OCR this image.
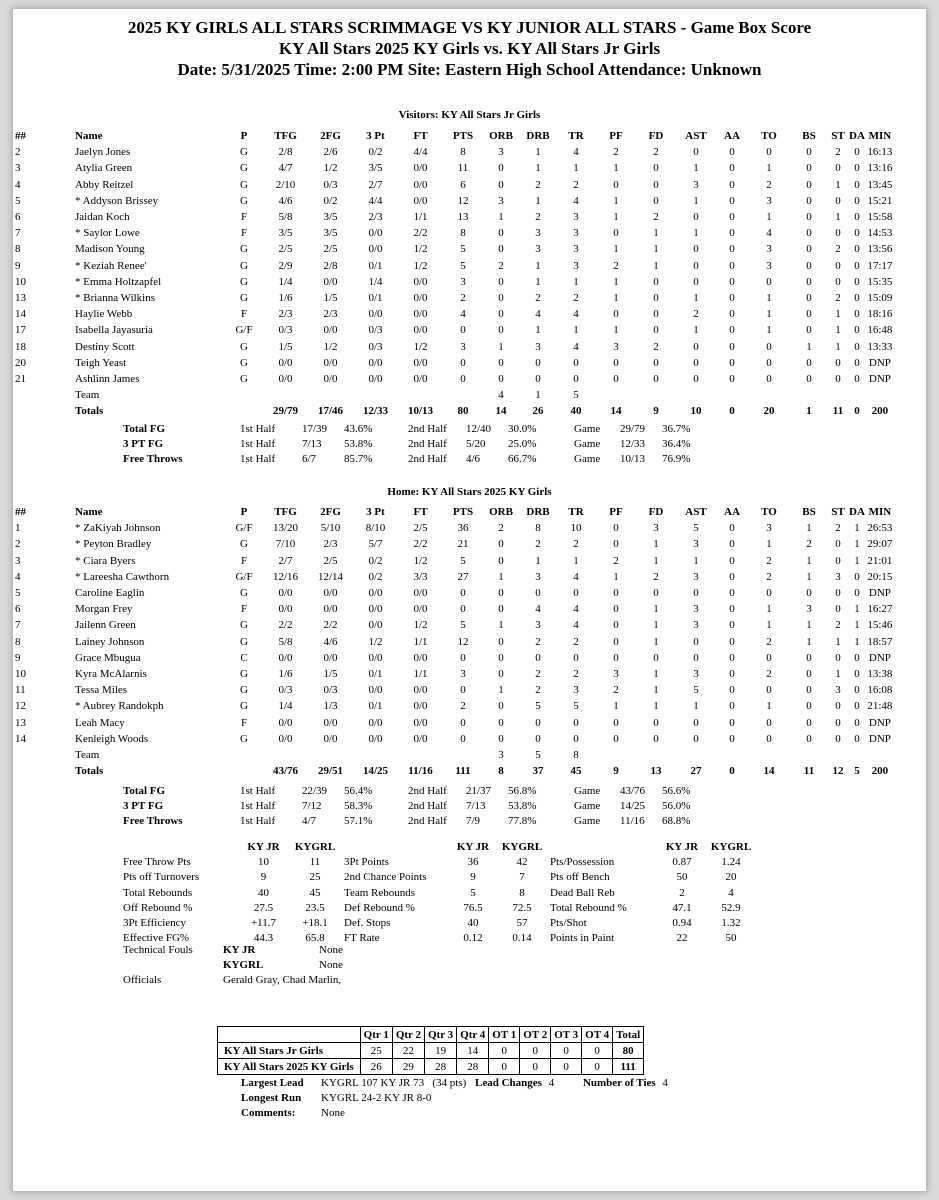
2025 KY GIRLS ALL STARS SCRIMMAGE VS KY JUNIOR ALL STARS - Game Box Score
KY All Stars 2025 KY Girls vs. KY All Stars Jr Girls
Date: 5/31/2025 Time: 2:00 PM Site: Eastern High School Attendance: Unknown
Visitors: KY All Stars Jr Girls
##	Name	P	TFG	2FG	3 Pt	FT	PTS	ORB	DRB	TR	PF	FD	AST	AA	TO	BS	ST	DA	MIN
2	Jaelyn Jones	G	2/8	2/6	0/2	4/4	8	3	1	4	2	2	0	0	0	0	2	0	16:13
3	Atylia Green	G	4/7	1/2	3/5	0/0	11	0	1	1	1	0	1	0	1	0	0	0	13:16
4	Abby Reitzel	G	2/10	0/3	2/7	0/0	6	0	2	2	0	0	3	0	2	0	1	0	13:45
5	* Addyson Brissey	G	4/6	0/2	4/4	0/0	12	3	1	4	1	0	1	0	3	0	0	0	15:21
6	Jaidan Koch	F	5/8	3/5	2/3	1/1	13	1	2	3	1	2	0	0	1	0	1	0	15:58
7	* Saylor Lowe	F	3/5	3/5	0/0	2/2	8	0	3	3	0	1	1	0	4	0	0	0	14:53
8	Madison Young	G	2/5	2/5	0/0	1/2	5	0	3	3	1	1	0	0	3	0	2	0	13:56
9	* Keziah Renee'	G	2/9	2/8	0/1	1/2	5	2	1	3	2	1	0	0	3	0	0	0	17:17
10	* Emma Holtzapfel	G	1/4	0/0	1/4	0/0	3	0	1	1	1	0	0	0	0	0	0	0	15:35
13	* Brianna Wilkins	G	1/6	1/5	0/1	0/0	2	0	2	2	1	0	1	0	1	0	2	0	15:09
14	Haylie Webb	F	2/3	2/3	0/0	0/0	4	0	4	4	0	0	2	0	1	0	1	0	18:16
17	Isabella Jayasuria	G/F	0/3	0/0	0/3	0/0	0	0	1	1	1	0	1	0	1	0	1	0	16:48
18	Destiny Scott	G	1/5	1/2	0/3	1/2	3	1	3	4	3	2	0	0	0	1	1	0	13:33
20	Teigh Yeast	G	0/0	0/0	0/0	0/0	0	0	0	0	0	0	0	0	0	0	0	0	DNP
21	Ashlinn James	G	0/0	0/0	0/0	0/0	0	0	0	0	0	0	0	0	0	0	0	0	DNP
	Team							4	1	5									
	Totals		29/79	17/46	12/33	10/13	80	14	26	40	14	9	10	0	20	1	11	0	200
Total FG	1st Half	17/39	43.6%	2nd Half	12/40	30.0%	Game	29/79	36.7%
3 PT FG	1st Half	7/13	53.8%	2nd Half	5/20	25.0%	Game	12/33	36.4%
Free Throws	1st Half	6/7	85.7%	2nd Half	4/6	66.7%	Game	10/13	76.9%
Home: KY All Stars 2025 KY Girls
##	Name	P	TFG	2FG	3 Pt	FT	PTS	ORB	DRB	TR	PF	FD	AST	AA	TO	BS	ST	DA	MIN
1	* ZaKiyah Johnson	G/F	13/20	5/10	8/10	2/5	36	2	8	10	0	3	5	0	3	1	2	1	26:53
2	* Peyton Bradley	G	7/10	2/3	5/7	2/2	21	0	2	2	0	1	3	0	1	2	0	1	29:07
3	* Ciara Byers	F	2/7	2/5	0/2	1/2	5	0	1	1	2	1	1	0	2	1	0	1	21:01
4	* Lareesha Cawthorn	G/F	12/16	12/14	0/2	3/3	27	1	3	4	1	2	3	0	2	1	3	0	20:15
5	Caroline Eaglin	G	0/0	0/0	0/0	0/0	0	0	0	0	0	0	0	0	0	0	0	0	DNP
6	Morgan Frey	F	0/0	0/0	0/0	0/0	0	0	4	4	0	1	3	0	1	3	0	1	16:27
7	Jailenn Green	G	2/2	2/2	0/0	1/2	5	1	3	4	0	1	3	0	1	1	2	1	15:46
8	Lainey Johnson	G	5/8	4/6	1/2	1/1	12	0	2	2	0	1	0	0	2	1	1	1	18:57
9	Grace Mbugua	C	0/0	0/0	0/0	0/0	0	0	0	0	0	0	0	0	0	0	0	0	DNP
10	Kyra McAlarnis	G	1/6	1/5	0/1	1/1	3	0	2	2	3	1	3	0	2	0	1	0	13:38
11	Tessa Miles	G	0/3	0/3	0/0	0/0	0	1	2	3	2	1	5	0	0	0	3	0	16:08
12	* Aubrey Randokph	G	1/4	1/3	0/1	0/0	2	0	5	5	1	1	1	0	1	0	0	0	21:48
13	Leah Macy	F	0/0	0/0	0/0	0/0	0	0	0	0	0	0	0	0	0	0	0	0	DNP
14	Kenleigh Woods	G	0/0	0/0	0/0	0/0	0	0	0	0	0	0	0	0	0	0	0	0	DNP
	Team							3	5	8									
	Totals		43/76	29/51	14/25	11/16	111	8	37	45	9	13	27	0	14	11	12	5	200
Total FG	1st Half	22/39	56.4%	2nd Half	21/37	56.8%	Game	43/76	56.6%
3 PT FG	1st Half	7/12	58.3%	2nd Half	7/13	53.8%	Game	14/25	56.0%
Free Throws	1st Half	4/7	57.1%	2nd Half	7/9	77.8%	Game	11/16	68.8%
	KY JR	KYGRL		KY JR	KYGRL		KY JR	KYGRL
Free Throw Pts	10	11	3Pt Points	36	42	Pts/Possession	0.87	1.24
Pts off Turnovers	9	25	2nd Chance Points	9	7	Pts off Bench	50	20
Total Rebounds	40	45	Team Rebounds	5	8	Dead Ball Reb	2	4
Off Rebound %	27.5	23.5	Def Rebound %	76.5	72.5	Total Rebound %	47.1	52.9
3Pt Efficiency	+11.7	+18.1	Def. Stops	40	57	Pts/Shot	0.94	1.32
Effective FG%	44.3	65.8	FT Rate	0.12	0.14	Points in Paint	22	50
Technical Fouls	KY JR	None
	KYGRL	None
Officials	Gerald Gray, Chad Marlin,	
	Qtr 1	Qtr 2	Qtr 3	Qtr 4	OT 1	OT 2	OT 3	OT 4	Total
KY All Stars Jr Girls	25	22	19	14	0	0	0	0	80
KY All Stars 2025 KY Girls	26	29	28	28	0	0	0	0	111
Largest Lead	KYGRL 107 KY JR 73   (34 pts) Lead Changes 4 Number of Ties 4
Longest Run	KYGRL 24-2 KY JR 8-0
Comments:	None
